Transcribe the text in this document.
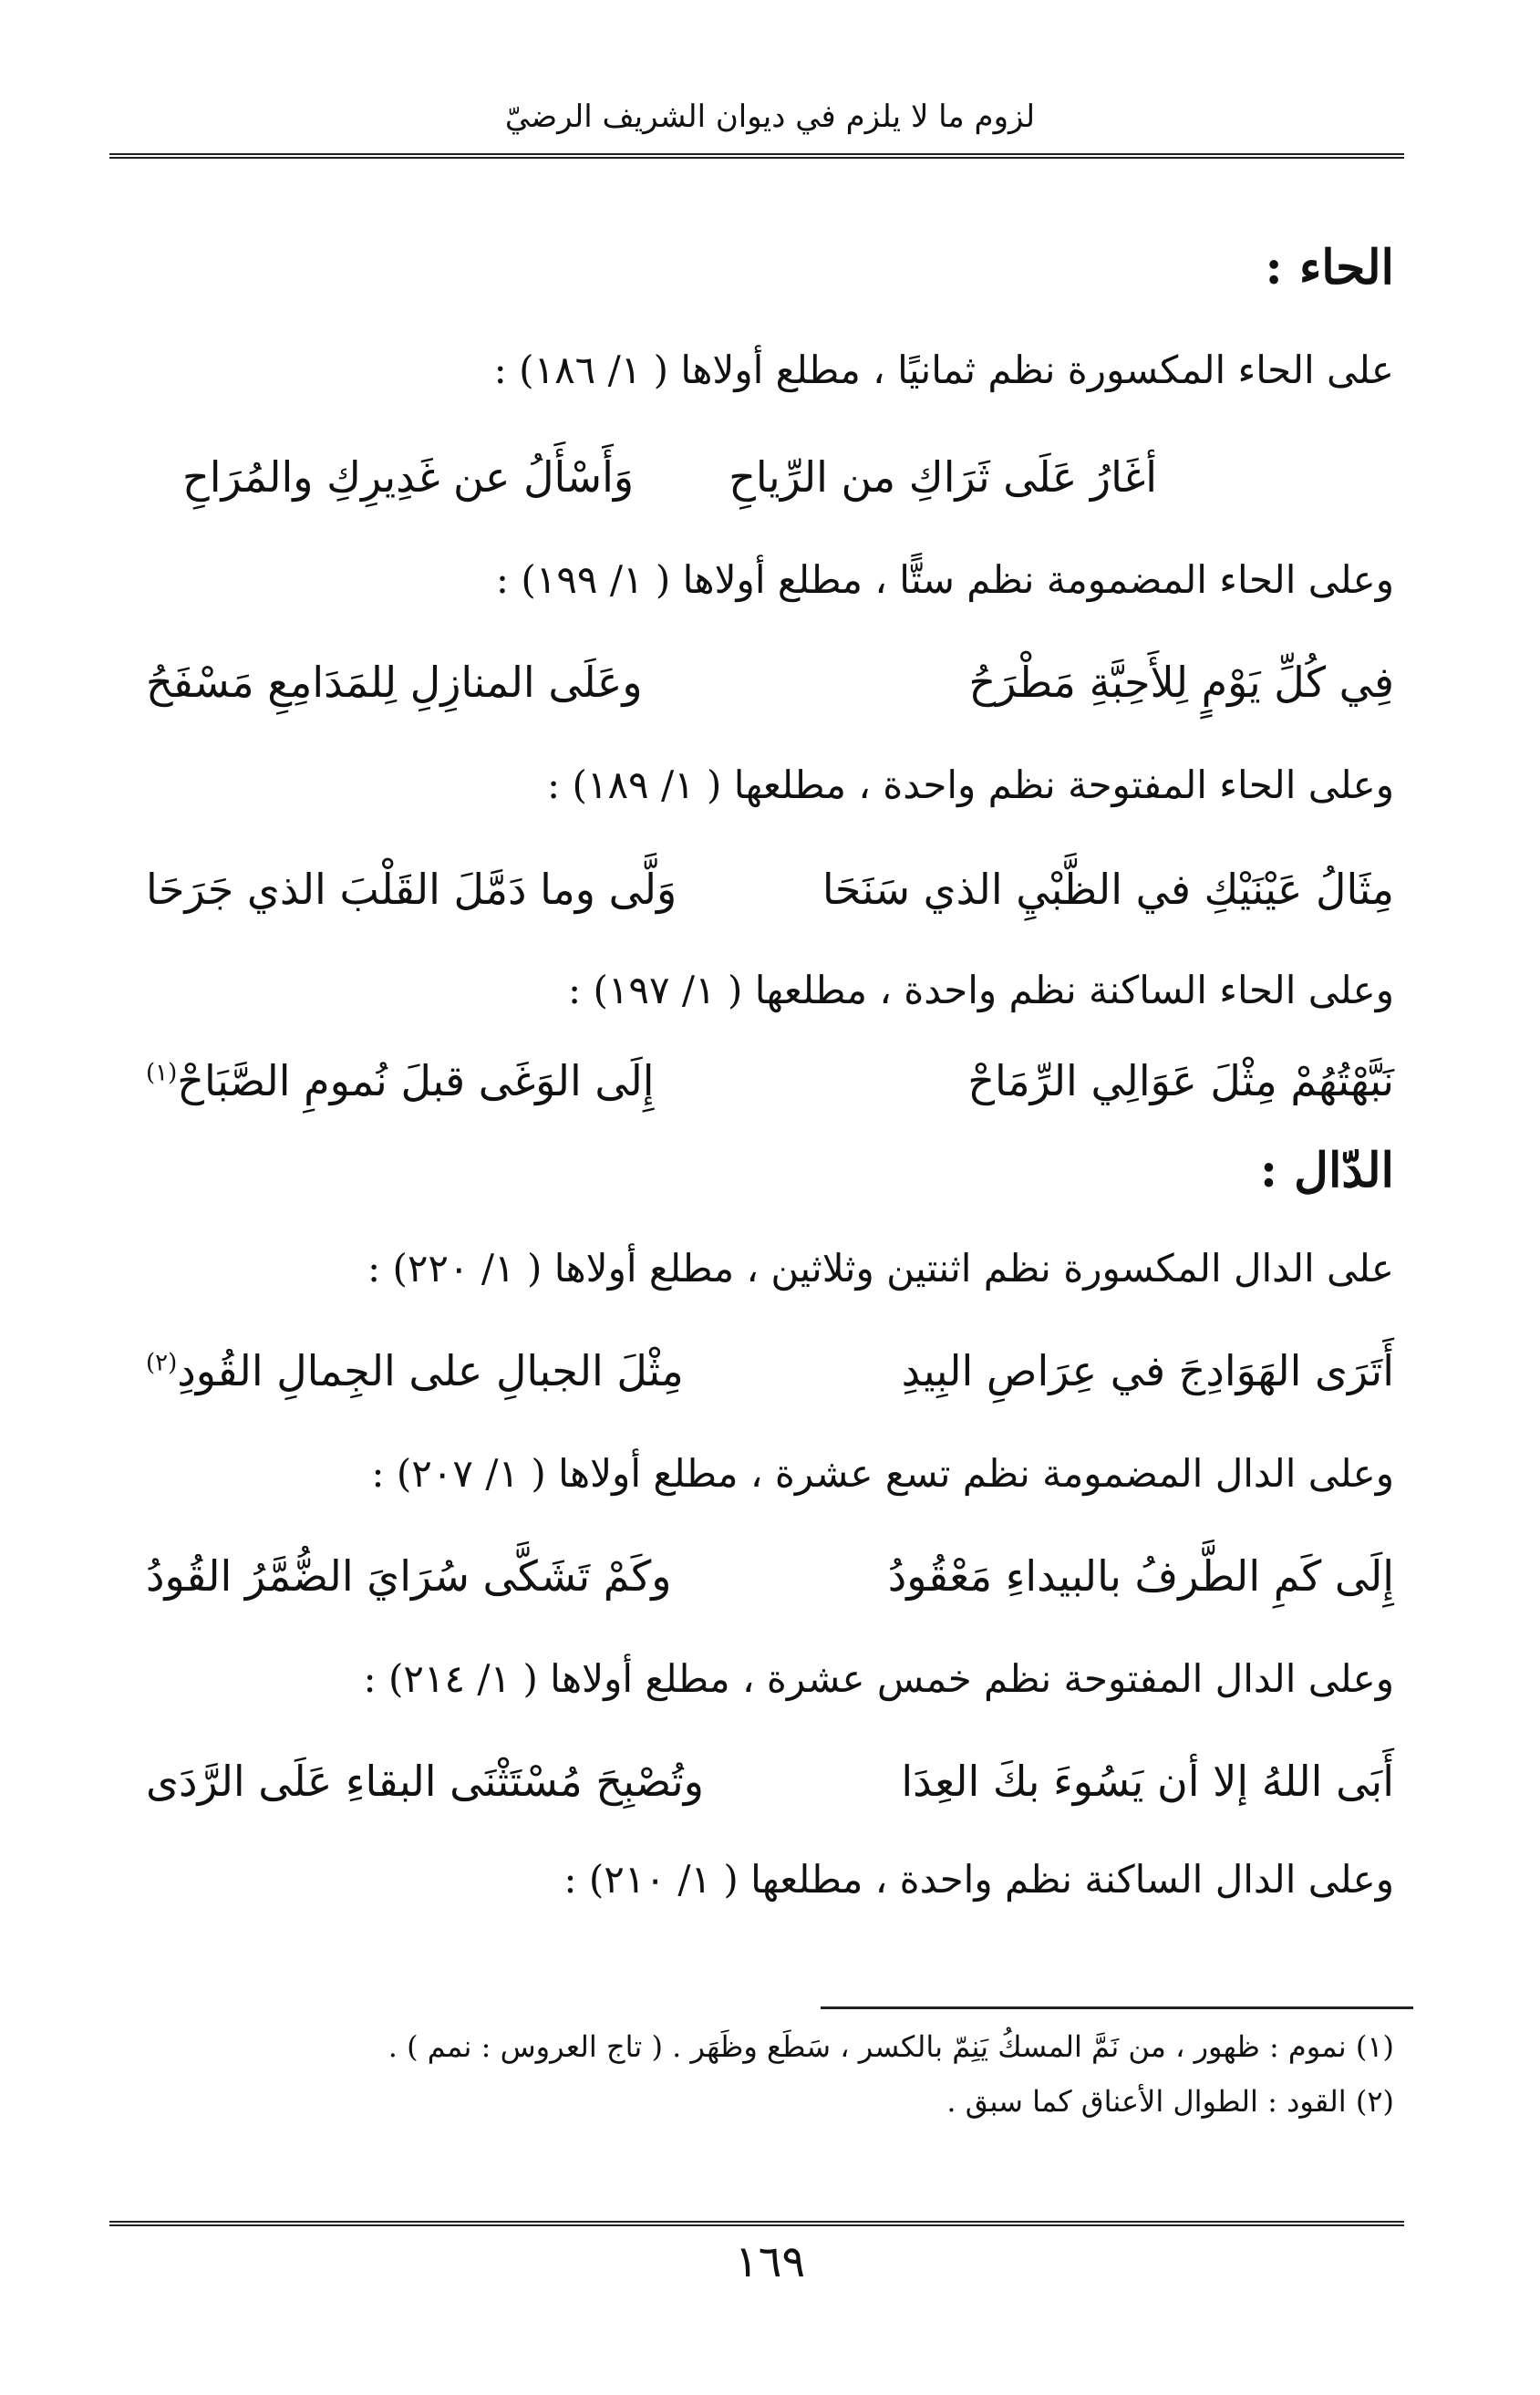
لزوم ما لا يلزم في ديوان الشريف الرضيّ
الحاء :
على الحاء المكسورة نظم ثمانيًا ، مطلع أولاها ( ١/ ١٨٦) :
أغَارُ عَلَى ثَرَاكِ من الرِّياحِ
وَأَسْأَلُ عن غَدِيرِكِ والمُرَاحِ
وعلى الحاء المضمومة نظم ستًّا ، مطلع أولاها ( ١/ ١٩٩) :
فِي كُلِّ يَوْمٍ لِلأَحِبَّةِ مَطْرَحُ
وعَلَى المنازِلِ لِلمَدَامِعِ مَسْفَحُ
وعلى الحاء المفتوحة نظم واحدة ، مطلعها ( ١/ ١٨٩) :
مِثَالُ عَيْنَيْكِ في الظَّبْيِ الذي سَنَحَا
وَلَّى وما دَمَّلَ القَلْبَ الذي جَرَحَا
وعلى الحاء الساكنة نظم واحدة ، مطلعها ( ١/ ١٩٧) :
نَبَّهْتُهُمْ مِثْلَ عَوَالِي الرِّمَاحْ
إِلَى الوَغَى قبلَ نُمومِ الصَّبَاحْ$^{(١)}$
الدّال :
على الدال المكسورة نظم اثنتين وثلاثين ، مطلع أولاها ( ١/ ٢٢٠) :
أَتَرَى الهَوَادِجَ في عِرَاصِ البِيدِ
مِثْلَ الجبالِ على الجِمالِ القُودِ$^{(٢)}$
وعلى الدال المضمومة نظم تسع عشرة ، مطلع أولاها ( ١/ ٢٠٧) :
إِلَى كَمِ الطَّرفُ بالبيداءِ مَعْقُودُ
وكَمْ تَشَكَّى سُرَايَ الضُّمَّرُ القُودُ
وعلى الدال المفتوحة نظم خمس عشرة ، مطلع أولاها ( ١/ ٢١٤) :
أَبَى اللهُ إلا أن يَسُوءَ بكَ العِدَا
وتُصْبِحَ مُسْتَثْنَى البقاءِ عَلَى الرَّدَى
وعلى الدال الساكنة نظم واحدة ، مطلعها ( ١/ ٢١٠) :
(١) نموم : ظهور ، من نَمَّ المسكُ يَنِمّ بالكسر ، سَطَع وظَهَر . ( تاج العروس : نمم ) .
(٢) القود : الطوال الأعناق كما سبق .
١٦٩
